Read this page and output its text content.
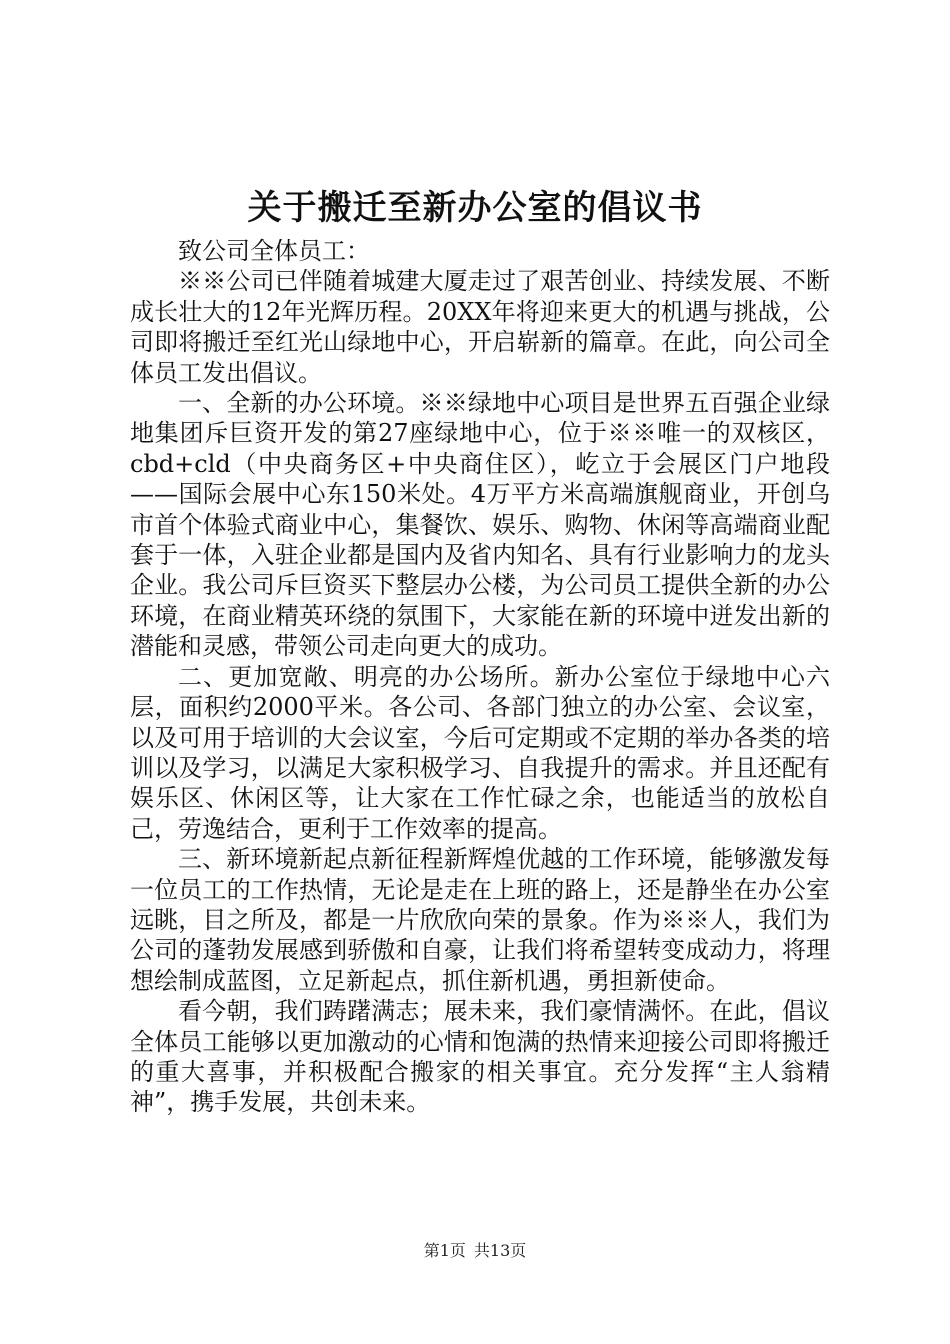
关于搬迁至新办公室的倡议书

致公司全体员工：

※※公司已伴随着城建大厦走过了艰苦创业、持续发展、不断成长壮大的12年光辉历程。20XX年将迎来更大的机遇与挑战，公司即将搬迁至红光山绿地中心，开启崭新的篇章。在此，向公司全体员工发出倡议。

一、全新的办公环境。※※绿地中心项目是世界五百强企业绿地集团斥巨资开发的第27座绿地中心，位于※※唯一的双核区，cbd+cld（中央商务区+中央商住区），屹立于会展区门户地段——国际会展中心东150米处。4万平方米高端旗舰商业，开创乌市首个体验式商业中心，集餐饮、娱乐、购物、休闲等高端商业配套于一体，入驻企业都是国内及省内知名、具有行业影响力的龙头企业。我公司斥巨资买下整层办公楼，为公司员工提供全新的办公环境，在商业精英环绕的氛围下，大家能在新的环境中迸发出新的潜能和灵感，带领公司走向更大的成功。

二、更加宽敞、明亮的办公场所。新办公室位于绿地中心六层，面积约2000平米。各公司、各部门独立的办公室、会议室，以及可用于培训的大会议室，今后可定期或不定期的举办各类的培训以及学习，以满足大家积极学习、自我提升的需求。并且还配有娱乐区、休闲区等，让大家在工作忙碌之余，也能适当的放松自己，劳逸结合，更利于工作效率的提高。

三、新环境新起点新征程新辉煌优越的工作环境，能够激发每一位员工的工作热情，无论是走在上班的路上，还是静坐在办公室远眺，目之所及，都是一片欣欣向荣的景象。作为※※人，我们为公司的蓬勃发展感到骄傲和自豪，让我们将希望转变成动力，将理想绘制成蓝图，立足新起点，抓住新机遇，勇担新使命。

看今朝，我们踌躇满志；展未来，我们豪情满怀。在此，倡议全体员工能够以更加激动的心情和饱满的热情来迎接公司即将搬迁的重大喜事，并积极配合搬家的相关事宜。充分发挥“主人翁精神”，携手发展，共创未来。

第1页 共13页
